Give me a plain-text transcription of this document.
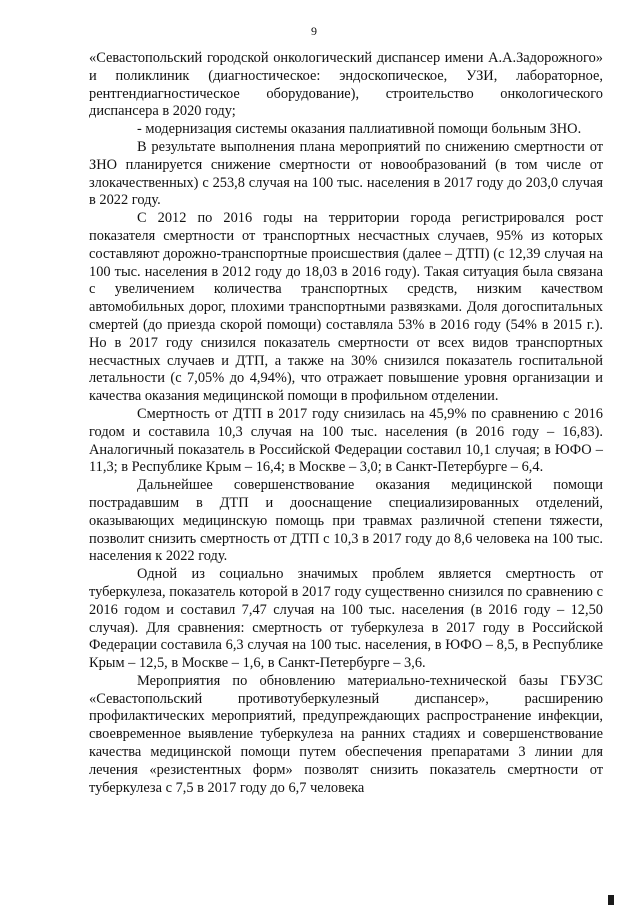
9

«Севастопольский городской онкологический диспансер имени А.А.Задорожного» и поликлиник (диагностическое: эндоскопическое, УЗИ, лабораторное, рентгендиагностическое оборудование), строительство онкологического диспансера в 2020 году;

- модернизация системы оказания паллиативной помощи больным ЗНО.

В результате выполнения плана мероприятий по снижению смертности от ЗНО планируется снижение смертности от новообразований (в том числе от злокачественных) с 253,8 случая на 100 тыс. населения в 2017 году до 203,0 случая в 2022 году.

С 2012 по 2016 годы на территории города регистрировался рост показателя смертности от транспортных несчастных случаев, 95% из которых составляют дорожно-транспортные происшествия (далее – ДТП) (с 12,39 случая на 100 тыс. населения в 2012 году до 18,03 в 2016 году). Такая ситуация была связана с увеличением количества транспортных средств, низким качеством автомобильных дорог, плохими транспортными развязками. Доля догоспитальных смертей (до приезда скорой помощи) составляла 53% в 2016 году (54% в 2015 г.). Но в 2017 году снизился показатель смертности от всех видов транспортных несчастных случаев и ДТП, а также на 30% снизился показатель госпитальной летальности (с 7,05% до 4,94%), что отражает повышение уровня организации и качества оказания медицинской помощи в профильном отделении.

Смертность от ДТП в 2017 году снизилась на 45,9% по сравнению с 2016 годом и составила 10,3 случая на 100 тыс. населения (в 2016 году – 16,83). Аналогичный показатель в Российской Федерации составил 10,1 случая; в ЮФО – 11,3; в Республике Крым – 16,4; в Москве – 3,0; в Санкт-Петербурге – 6,4.

Дальнейшее совершенствование оказания медицинской помощи пострадавшим в ДТП и дооснащение специализированных отделений, оказывающих медицинскую помощь при травмах различной степени тяжести, позволит снизить смертность от ДТП с 10,3 в 2017 году до 8,6 человека на 100 тыс. населения к 2022 году.

Одной из социально значимых проблем является смертность от туберкулеза, показатель которой в 2017 году существенно снизился по сравнению с 2016 годом и составил 7,47 случая на 100 тыс. населения (в 2016 году – 12,50 случая). Для сравнения: смертность от туберкулеза в 2017 году в Российской Федерации составила 6,3 случая на 100 тыс. населения, в ЮФО – 8,5, в Республике Крым – 12,5, в Москве – 1,6, в Санкт-Петербурге – 3,6.

Мероприятия по обновлению материально-технической базы ГБУЗС «Севастопольский противотуберкулезный диспансер», расширению профилактических мероприятий, предупреждающих распространение инфекции, своевременное выявление туберкулеза на ранних стадиях и совершенствование качества медицинской помощи путем обеспечения препаратами 3 линии для лечения «резистентных форм» позволят снизить показатель смертности от туберкулеза с 7,5 в 2017 году до 6,7 человека
